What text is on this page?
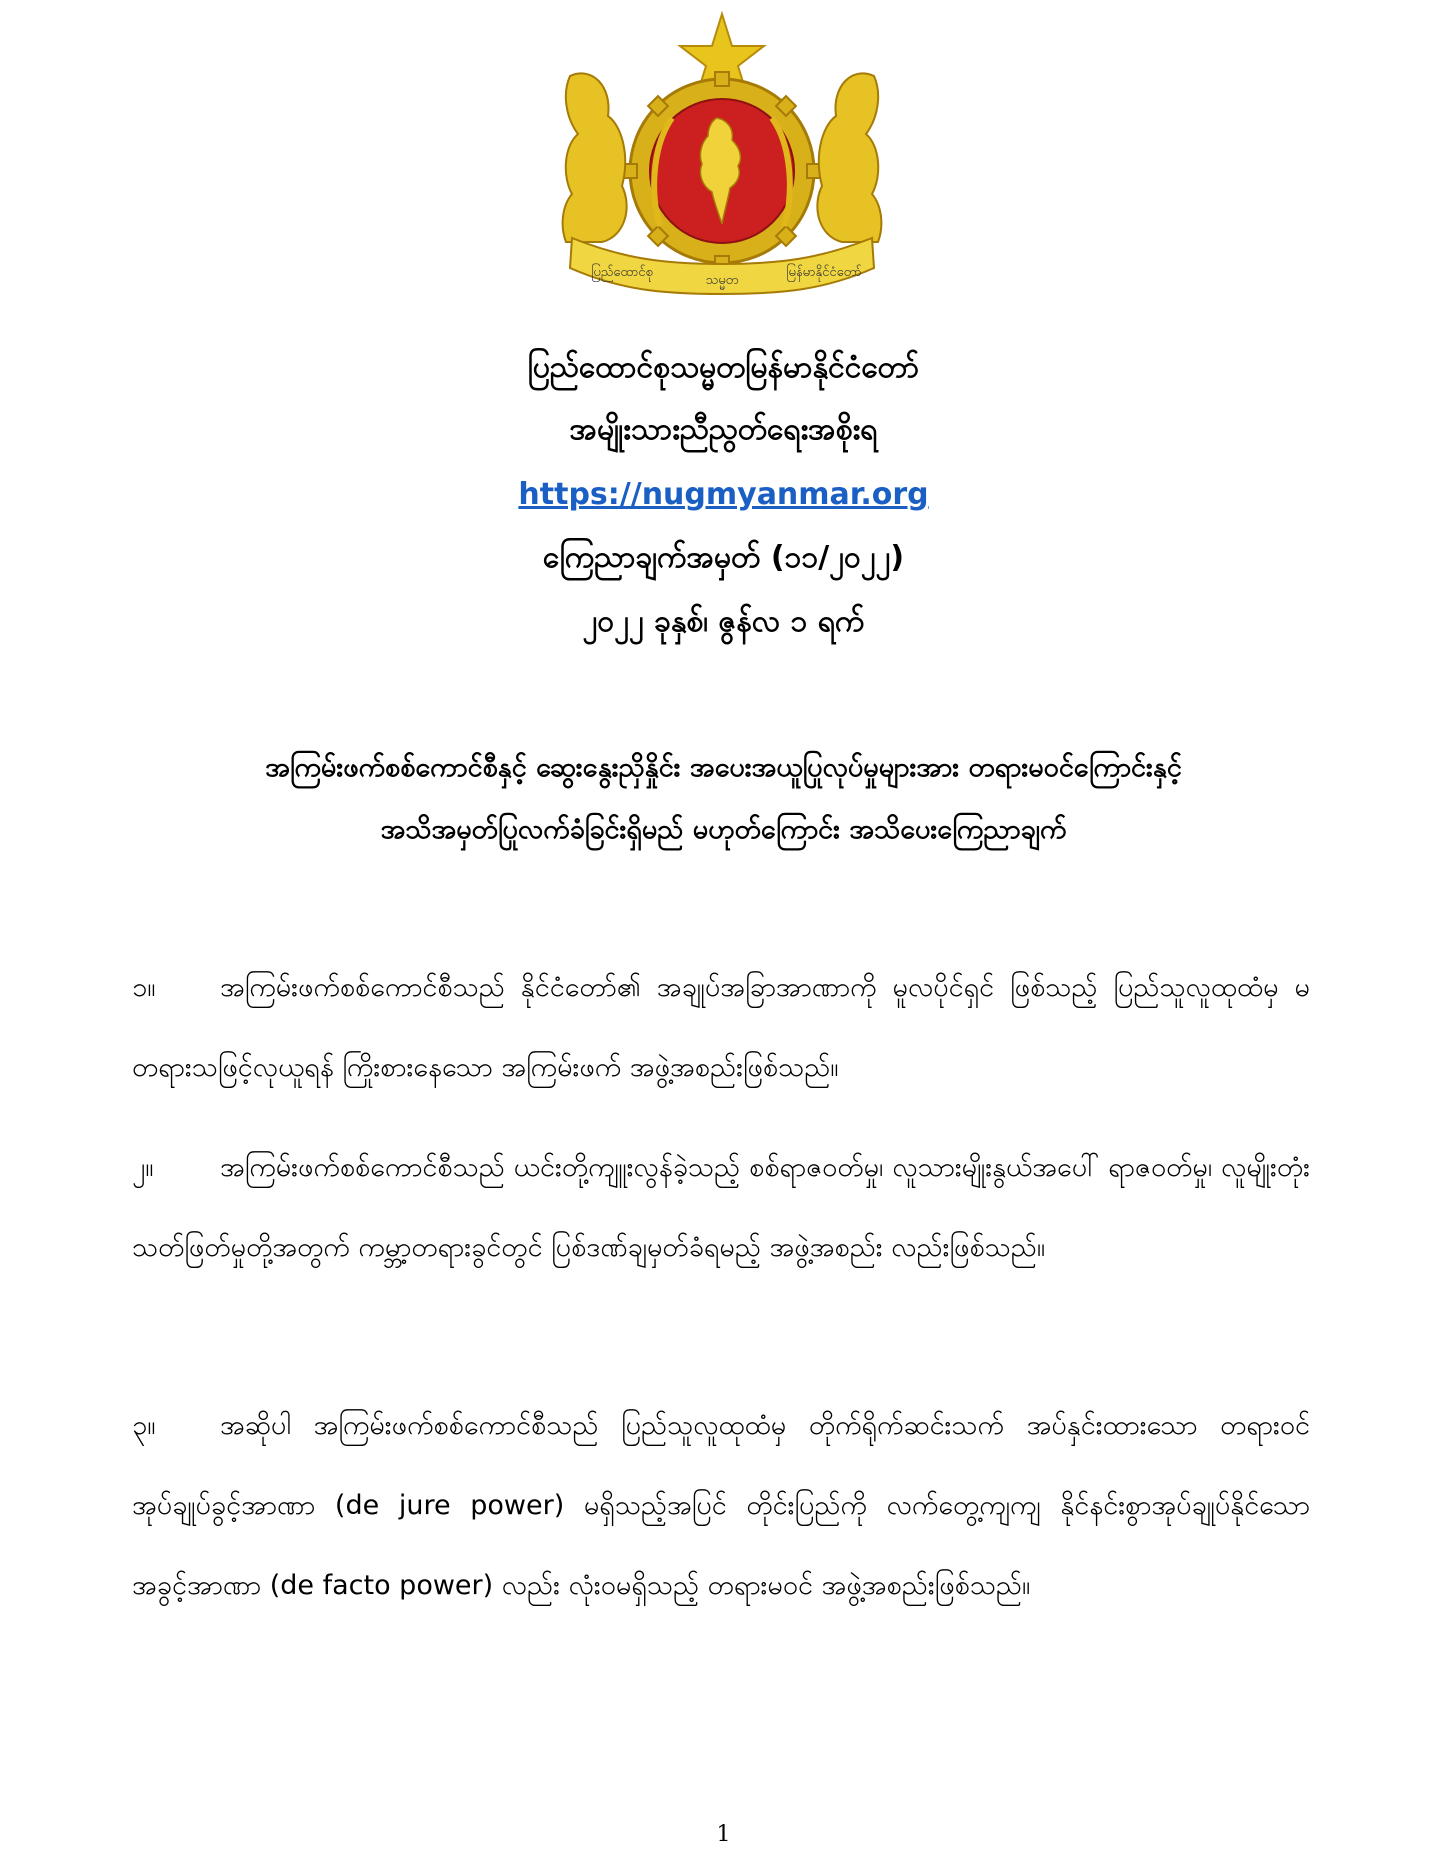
ပြည်ထောင်စု
သမ္မတ
မြန်မာနိုင်ငံတော်
ပြည်ထောင်စုသမ္မတမြန်မာနိုင်ငံတော်
အမျိုးသားညီညွတ်ရေးအစိုးရ
https://nugmyanmar.org
ကြေညာချက်အမှတ် (၁၁/၂၀၂၂)
၂၀၂၂ ခုနှစ်၊ ဇွန်လ ၁ ရက်
အကြမ်းဖက်စစ်ကောင်စီနှင့် ဆွေးနွေးညှိနှိုင်း အပေးအယူပြုလုပ်မှုများအား တရားမဝင်ကြောင်းနှင့်
အသိအမှတ်ပြုလက်ခံခြင်းရှိမည် မဟုတ်ကြောင်း အသိပေးကြေညာချက်
၁။ အကြမ်းဖက်စစ်ကောင်စီသည် နိုင်ငံတော်၏ အချုပ်အခြာအာဏာကို မူလပိုင်ရှင် ဖြစ်သည့် ပြည်သူလူထုထံမှ မတရားသဖြင့်လုယူရန် ကြိုးစားနေသော အကြမ်းဖက် အဖွဲ့အစည်းဖြစ်သည်။
၂။ အကြမ်းဖက်စစ်ကောင်စီသည် ယင်းတို့ကျူးလွန်ခဲ့သည့် စစ်ရာဇဝတ်မှု၊ လူသားမျိုးနွယ်အပေါ် ရာဇဝတ်မှု၊ လူမျိုးတုံးသတ်ဖြတ်မှုတို့အတွက် ကမ္ဘာ့တရားခွင်တွင် ပြစ်ဒဏ်ချမှတ်ခံရမည့် အဖွဲ့အစည်း လည်းဖြစ်သည်။
၃။ အဆိုပါ အကြမ်းဖက်စစ်ကောင်စီသည် ပြည်သူလူထုထံမှ တိုက်ရိုက်ဆင်းသက် အပ်နှင်းထားသော တရားဝင်အုပ်ချုပ်ခွင့်အာဏာ (de jure power) မရှိသည့်အပြင် တိုင်းပြည်ကို လက်တွေ့ကျကျ နိုင်နင်းစွာအုပ်ချုပ်နိုင်သော အခွင့်အာဏာ (de facto power) လည်း လုံးဝမရှိသည့် တရားမဝင် အဖွဲ့အစည်းဖြစ်သည်။
1
